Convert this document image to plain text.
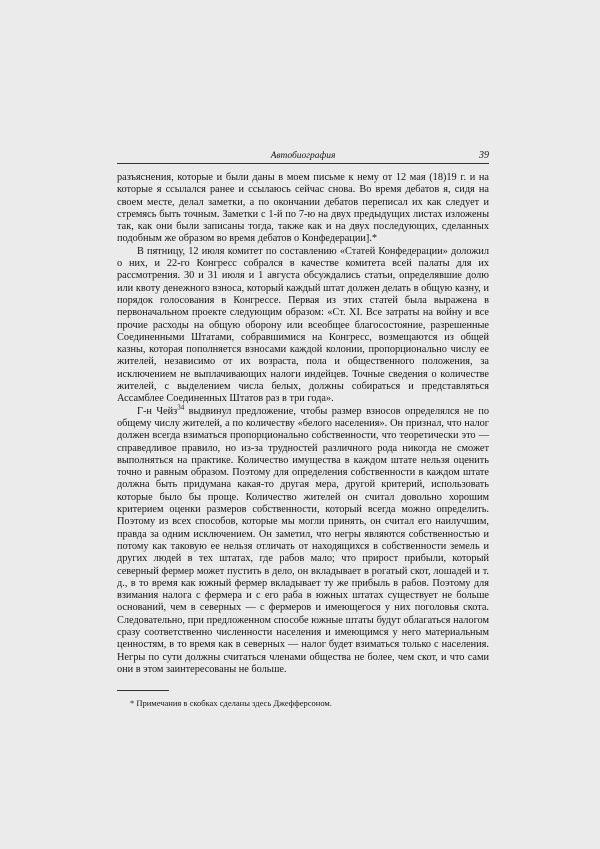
Автобиография	39

разъяснения, которые и были даны в моем письме к нему от 12 мая (18)19 г. и на которые я ссылался ранее и ссылаюсь сейчас снова. Во время дебатов я, сидя на своем месте, делал заметки, а по окончании дебатов переписал их как следует и стремясь быть точным. Заметки с 1-й по 7-ю на двух предыдущих листах изложены так, как они были записаны тогда, также как и на двух последующих, сделанных подобным же образом во время дебатов о Конфедерации].*

В пятницу, 12 июля комитет по составлению «Статей Конфедерации» доложил о них, и 22-го Конгресс собрался в качестве комитета всей палаты для их рассмотрения. 30 и 31 июля и 1 августа обсуждались статьи, определявшие долю или квоту денежного взноса, который каждый штат должен делать в общую казну, и порядок голосования в Конгрессе. Первая из этих статей была выражена в первоначальном проекте следующим образом: «Ст. XI. Все затраты на войну и все прочие расходы на общую оборону или всеобщее благосостояние, разрешенные Соединенными Штатами, собравшимися на Конгресс, возмещаются из общей казны, которая пополняется взносами каждой колонии, пропорционально числу ее жителей, независимо от их возраста, пола и общественного положения, за исключением не выплачивающих налоги индейцев. Точные сведения о количестве жителей, с выделением числа белых, должны собираться и представляться Ассамблее Соединенных Штатов раз в три года».

Г-н Чейз$^{34}$ выдвинул предложение, чтобы размер взносов определялся не по общему числу жителей, а по количеству «белого населения». Он признал, что налог должен всегда взиматься пропорционально собственности, что теоретически это — справедливое правило, но из-за трудностей различного рода никогда не сможет выполняться на практике. Количество имущества в каждом штате нельзя оценить точно и равным образом. Поэтому для определения собственности в каждом штате должна быть придумана какая-то другая мера, другой критерий, использовать которые было бы проще. Количество жителей он считал довольно хорошим критерием оценки размеров собственности, который всегда можно определить. Поэтому из всех способов, которые мы могли принять, он считал его наилучшим, правда за одним исключением. Он заметил, что негры являются собственностью и потому как таковую ее нельзя отличать от находящихся в собственности земель и других людей в тех штатах, где рабов мало; что прирост прибыли, который северный фермер может пустить в дело, он вкладывает в рогатый скот, лошадей и т. д., в то время как южный фермер вкладывает ту же прибыль в рабов. Поэтому для взимания налога с фермера и с его раба в южных штатах существует не больше оснований, чем в северных — с фермеров и имеющегося у них поголовья скота. Следовательно, при предложенном способе южные штаты будут облагаться налогом сразу соответственно численности населения и имеющимся у него материальным ценностям, в то время как в северных — налог будет взиматься только с населения. Негры по сути должны считаться членами общества не более, чем скот, и что сами они в этом заинтересованы не больше.

* Примечания в скобках сделаны здесь Джефферсоном.
